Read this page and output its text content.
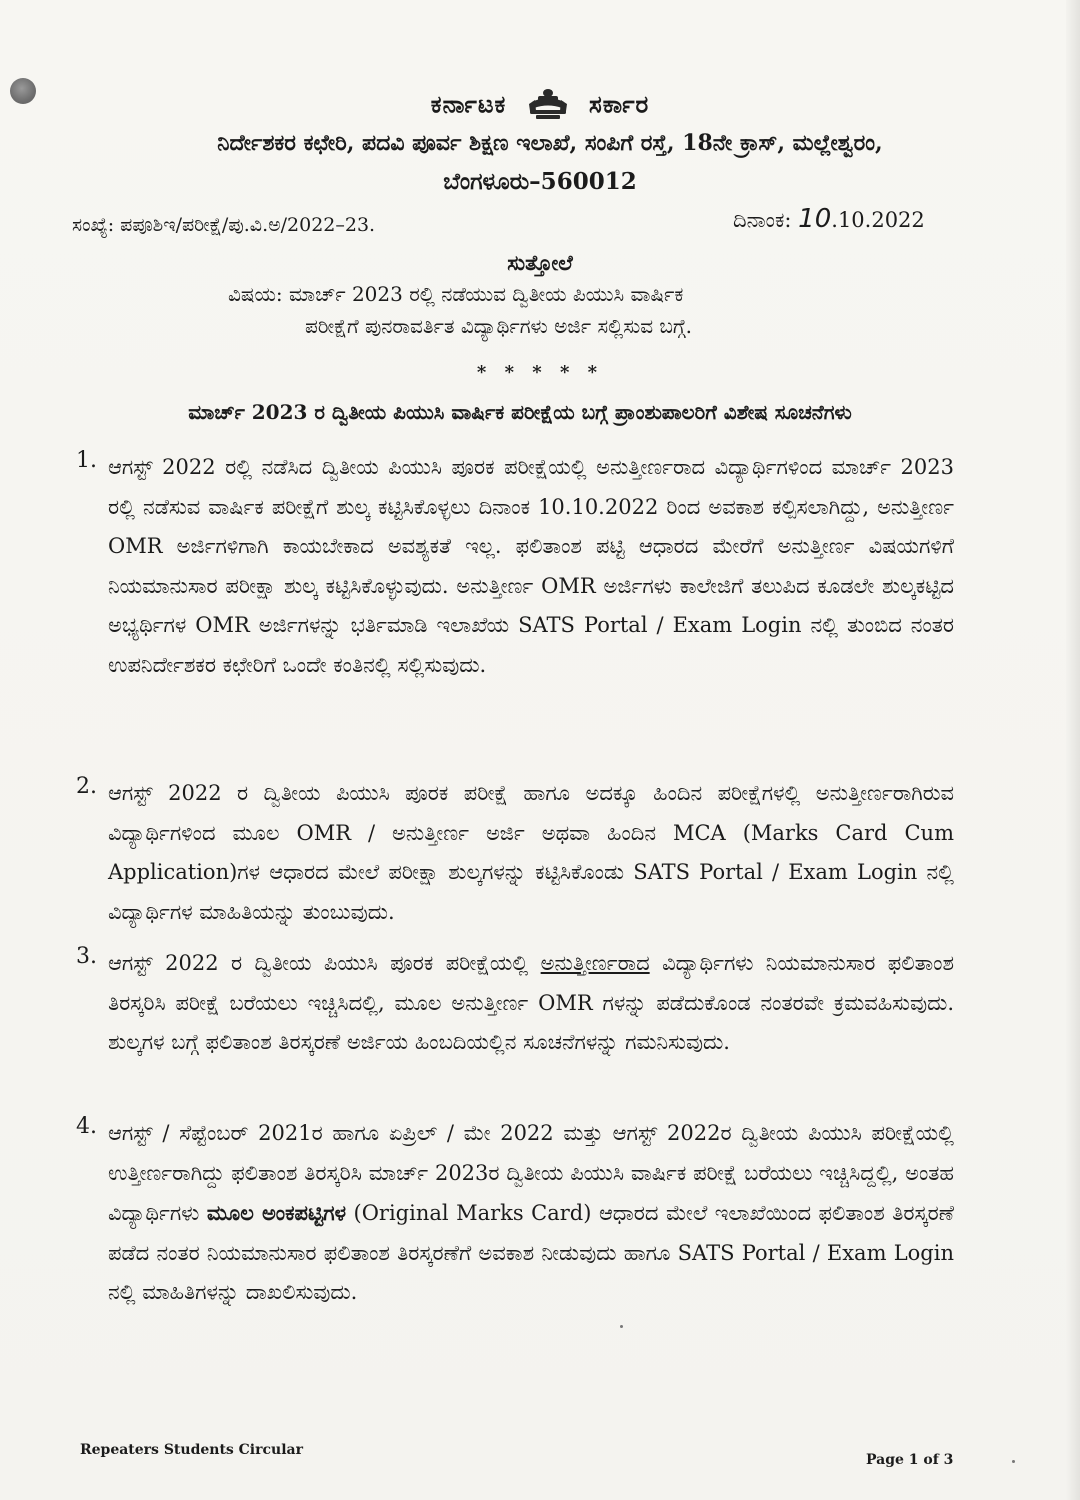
ಕರ್ನಾಟಕ	ಸರ್ಕಾರ
ನಿರ್ದೇಶಕರ ಕಛೇರಿ, ಪದವಿ ಪೂರ್ವ ಶಿಕ್ಷಣ ಇಲಾಖೆ, ಸಂಪಿಗೆ ರಸ್ತೆ, 18ನೇ ಕ್ರಾಸ್, ಮಲ್ಲೇಶ್ವರಂ,
ಬೆಂಗಳೂರು–560012
ಸಂಖ್ಯೆ: ಪಪೂಶಿಇ/ಪರೀಕ್ಷೆ/ಪು.ವಿ.ಅ/2022–23.	ದಿನಾಂಕ: 10.10.2022
ಸುತ್ತೋಲೆ
ವಿಷಯ: ಮಾರ್ಚ್ 2023 ರಲ್ಲಿ ನಡೆಯುವ ದ್ವಿತೀಯ ಪಿಯುಸಿ ವಾರ್ಷಿಕ
ಪರೀಕ್ಷೆಗೆ ಪುನರಾವರ್ತಿತ ವಿದ್ಯಾರ್ಥಿಗಳು ಅರ್ಜಿ ಸಲ್ಲಿಸುವ ಬಗ್ಗೆ.
* * * * *
ಮಾರ್ಚ್ 2023 ರ ದ್ವಿತೀಯ ಪಿಯುಸಿ ವಾರ್ಷಿಕ ಪರೀಕ್ಷೆಯ ಬಗ್ಗೆ ಪ್ರಾಂಶುಪಾಲರಿಗೆ ವಿಶೇಷ ಸೂಚನೆಗಳು
1. ಆಗಸ್ಟ್ 2022 ರಲ್ಲಿ ನಡೆಸಿದ ದ್ವಿತೀಯ ಪಿಯುಸಿ ಪೂರಕ ಪರೀಕ್ಷೆಯಲ್ಲಿ ಅನುತ್ತೀರ್ಣರಾದ ವಿದ್ಯಾರ್ಥಿಗಳಿಂದ ಮಾರ್ಚ್ 2023 ರಲ್ಲಿ ನಡೆಸುವ ವಾರ್ಷಿಕ ಪರೀಕ್ಷೆಗೆ ಶುಲ್ಕ ಕಟ್ಟಿಸಿಕೊಳ್ಳಲು ದಿನಾಂಕ 10.10.2022 ರಿಂದ ಅವಕಾಶ ಕಲ್ಪಿಸಲಾಗಿದ್ದು, ಅನುತ್ತೀರ್ಣ OMR ಅರ್ಜಿಗಳಿಗಾಗಿ ಕಾಯಬೇಕಾದ ಅವಶ್ಯಕತೆ ಇಲ್ಲ. ಫಲಿತಾಂಶ ಪಟ್ಟಿ ಆಧಾರದ ಮೇರೆಗೆ ಅನುತ್ತೀರ್ಣ ವಿಷಯಗಳಿಗೆ ನಿಯಮಾನುಸಾರ ಪರೀಕ್ಷಾ ಶುಲ್ಕ ಕಟ್ಟಿಸಿಕೊಳ್ಳುವುದು. ಅನುತ್ತೀರ್ಣ OMR ಅರ್ಜಿಗಳು ಕಾಲೇಜಿಗೆ ತಲುಪಿದ ಕೂಡಲೇ ಶುಲ್ಕಕಟ್ಟಿದ ಅಭ್ಯರ್ಥಿಗಳ OMR ಅರ್ಜಿಗಳನ್ನು ಭರ್ತಿಮಾಡಿ ಇಲಾಖೆಯ SATS Portal / Exam Login ನಲ್ಲಿ ತುಂಬಿದ ನಂತರ ಉಪನಿರ್ದೇಶಕರ ಕಛೇರಿಗೆ ಒಂದೇ ಕಂತಿನಲ್ಲಿ ಸಲ್ಲಿಸುವುದು.
2. ಆಗಸ್ಟ್ 2022 ರ ದ್ವಿತೀಯ ಪಿಯುಸಿ ಪೂರಕ ಪರೀಕ್ಷೆ ಹಾಗೂ ಅದಕ್ಕೂ ಹಿಂದಿನ ಪರೀಕ್ಷೆಗಳಲ್ಲಿ ಅನುತ್ತೀರ್ಣರಾಗಿರುವ ವಿದ್ಯಾರ್ಥಿಗಳಿಂದ ಮೂಲ OMR / ಅನುತ್ತೀರ್ಣ ಅರ್ಜಿ ಅಥವಾ ಹಿಂದಿನ MCA (Marks Card Cum Application)ಗಳ ಆಧಾರದ ಮೇಲೆ ಪರೀಕ್ಷಾ ಶುಲ್ಕಗಳನ್ನು ಕಟ್ಟಿಸಿಕೊಂಡು SATS Portal / Exam Login ನಲ್ಲಿ ವಿದ್ಯಾರ್ಥಿಗಳ ಮಾಹಿತಿಯನ್ನು ತುಂಬುವುದು.
3. ಆಗಸ್ಟ್ 2022 ರ ದ್ವಿತೀಯ ಪಿಯುಸಿ ಪೂರಕ ಪರೀಕ್ಷೆಯಲ್ಲಿ ಅನುತ್ತೀರ್ಣರಾದ ವಿದ್ಯಾರ್ಥಿಗಳು ನಿಯಮಾನುಸಾರ ಫಲಿತಾಂಶ ತಿರಸ್ಕರಿಸಿ ಪರೀಕ್ಷೆ ಬರೆಯಲು ಇಚ್ಚಿಸಿದಲ್ಲಿ, ಮೂಲ ಅನುತ್ತೀರ್ಣ OMR ಗಳನ್ನು ಪಡೆದುಕೊಂಡ ನಂತರವೇ ಕ್ರಮವಹಿಸುವುದು. ಶುಲ್ಕಗಳ ಬಗ್ಗೆ ಫಲಿತಾಂಶ ತಿರಸ್ಕರಣೆ ಅರ್ಜಿಯ ಹಿಂಬದಿಯಲ್ಲಿನ ಸೂಚನೆಗಳನ್ನು ಗಮನಿಸುವುದು.
4. ಆಗಸ್ಟ್ / ಸೆಪ್ಟೆಂಬರ್ 2021ರ ಹಾಗೂ ಏಪ್ರಿಲ್ / ಮೇ 2022 ಮತ್ತು ಆಗಸ್ಟ್ 2022ರ ದ್ವಿತೀಯ ಪಿಯುಸಿ ಪರೀಕ್ಷೆಯಲ್ಲಿ ಉತ್ತೀರ್ಣರಾಗಿದ್ದು ಫಲಿತಾಂಶ ತಿರಸ್ಕರಿಸಿ ಮಾರ್ಚ್ 2023ರ ದ್ವಿತೀಯ ಪಿಯುಸಿ ವಾರ್ಷಿಕ ಪರೀಕ್ಷೆ ಬರೆಯಲು ಇಚ್ಚಿಸಿದ್ದಲ್ಲಿ, ಅಂತಹ ವಿದ್ಯಾರ್ಥಿಗಳು ಮೂಲ ಅಂಕಪಟ್ಟಿಗಳ (Original Marks Card) ಆಧಾರದ ಮೇಲೆ ಇಲಾಖೆಯಿಂದ ಫಲಿತಾಂಶ ತಿರಸ್ಕರಣೆ ಪಡೆದ ನಂತರ ನಿಯಮಾನುಸಾರ ಫಲಿತಾಂಶ ತಿರಸ್ಕರಣೆಗೆ ಅವಕಾಶ ನೀಡುವುದು ಹಾಗೂ SATS Portal / Exam Login ನಲ್ಲಿ ಮಾಹಿತಿಗಳನ್ನು ದಾಖಲಿಸುವುದು.
Repeaters Students Circular
Page 1 of 3
